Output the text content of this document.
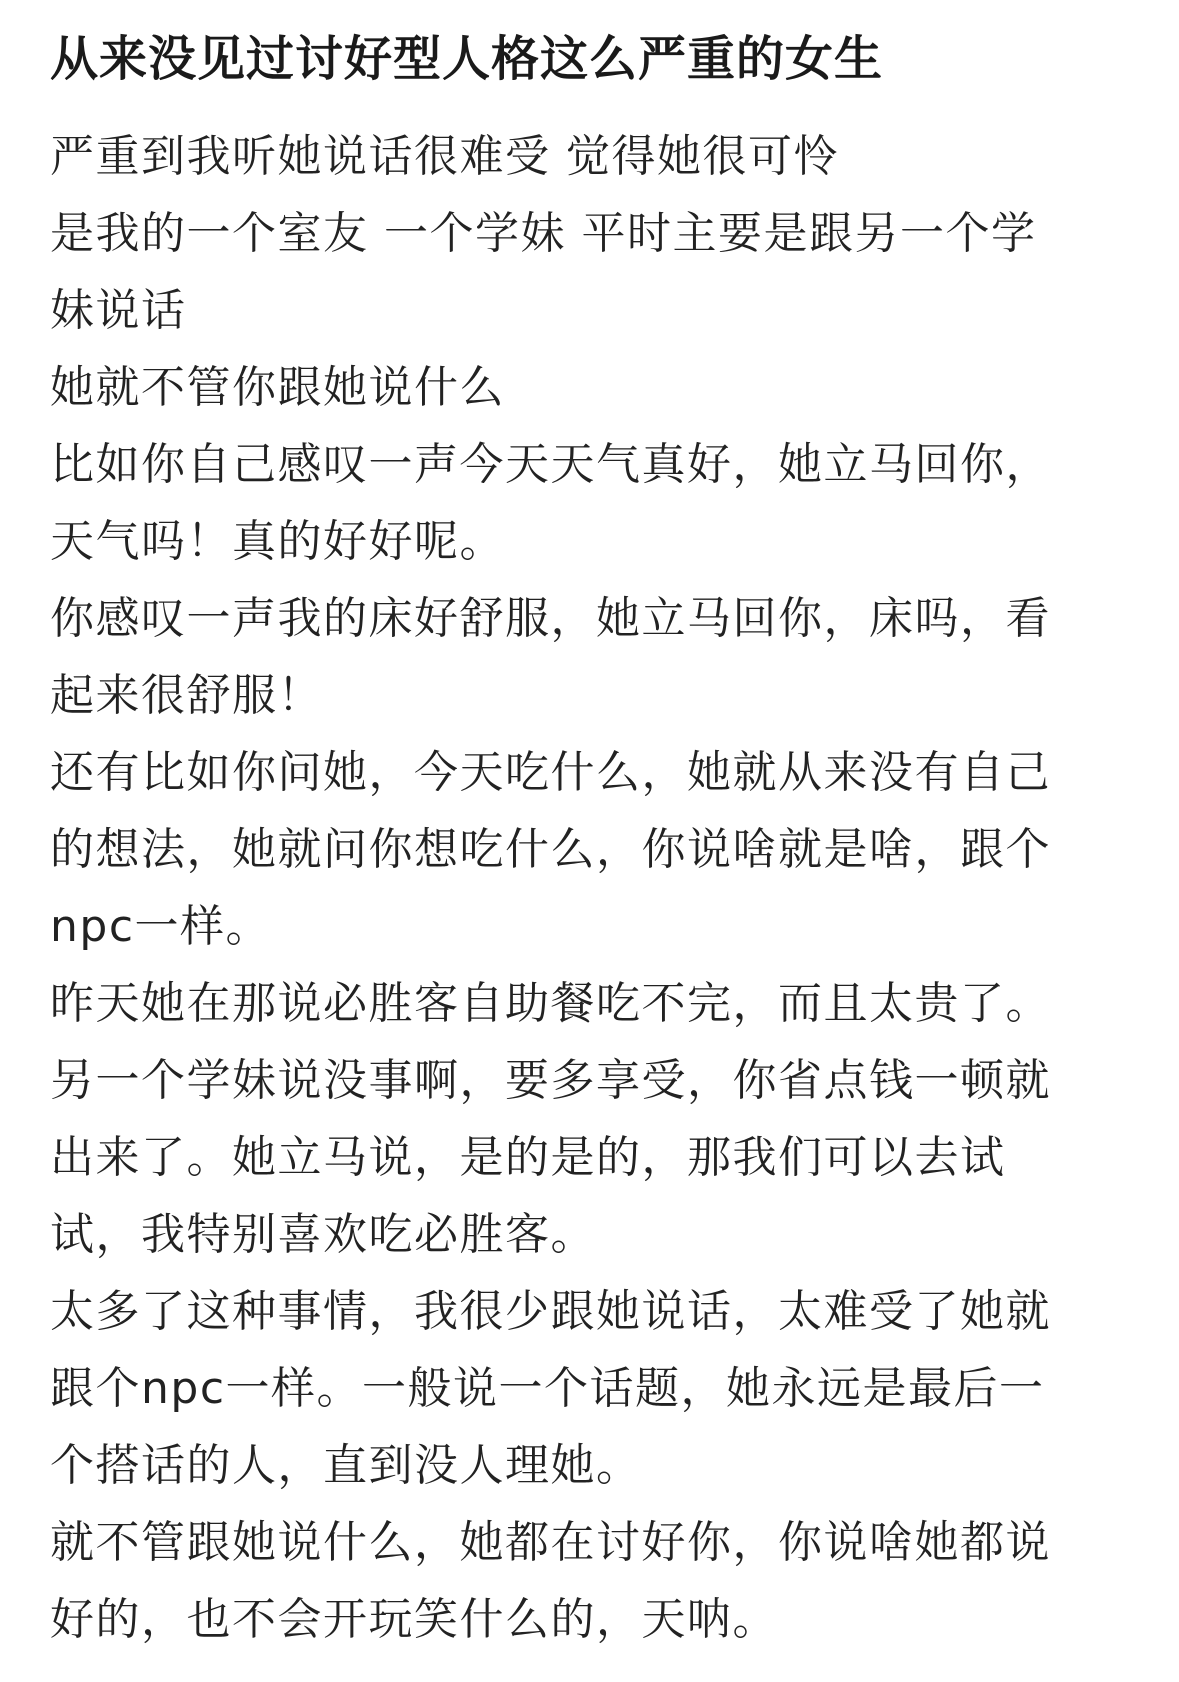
从来没见过讨好型人格这么严重的女生
严重到我听她说话很难受 觉得她很可怜
是我的一个室友 一个学妹 平时主要是跟另一个学
妹说话
她就不管你跟她说什么
比如你自己感叹一声今天天气真好，她立马回你，
天气吗！真的好好呢。
你感叹一声我的床好舒服，她立马回你，床吗，看
起来很舒服！
还有比如你问她，今天吃什么，她就从来没有自己
的想法，她就问你想吃什么，你说啥就是啥，跟个
npc一样。
昨天她在那说必胜客自助餐吃不完，而且太贵了。
另一个学妹说没事啊，要多享受，你省点钱一顿就
出来了。她立马说，是的是的，那我们可以去试
试，我特别喜欢吃必胜客。
太多了这种事情，我很少跟她说话，太难受了她就
跟个npc一样。一般说一个话题，她永远是最后一
个搭话的人，直到没人理她。
就不管跟她说什么，她都在讨好你，你说啥她都说
好的，也不会开玩笑什么的，天呐。
